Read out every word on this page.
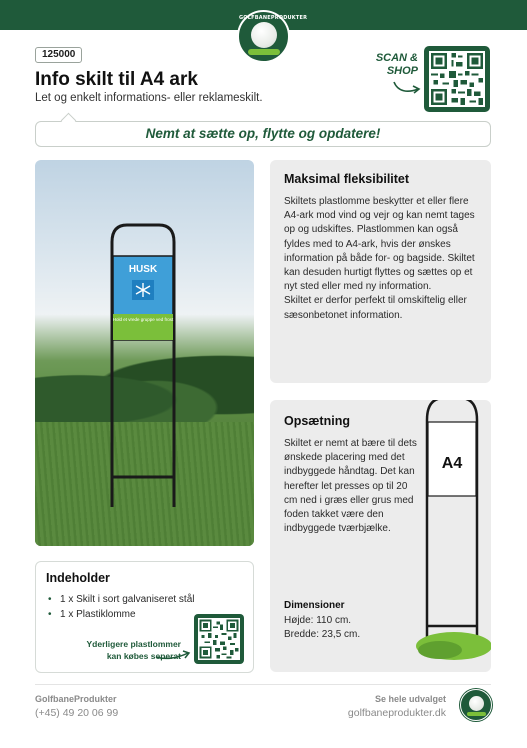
GOLFBANEPRODUKTER
125000
Info skilt til A4 ark
Let og enkelt informations- eller reklameskilt.
SCAN &
SHOP
Nemt at sætte op, flytte og opdatere!
HUSK
Hold et vrede gruppe ved frost
Maksimal fleksibilitet
Skiltets plastlomme beskytter et eller flere A4-ark mod vind og vejr og kan nemt tages op og udskiftes. Plastlommen kan også fyldes med to A4-ark, hvis der ønskes information på både for- og bagside. Skiltet kan desuden hurtigt flyttes og sættes op et nyt sted eller med ny information.
Skiltet er derfor perfekt til omskiftelig eller sæsonbetonet information.
Opsætning
Skiltet er nemt at bære til dets ønskede placering med det indbyggede håndtag. Det kan herefter let presses op til 20 cm ned i græs eller grus med foden takket være den indbyggede tværbjælke.
Dimensioner
Højde: 110 cm.
Bredde: 23,5 cm.
A4
Indeholder
• 1 x Skilt i sort galvaniseret stål
• 1 x Plastiklomme
Yderligere plastlommer
kan købes seperat
GolfbaneProdukter
(+45) 49 20 06 99
Se hele udvalget
golfbaneprodukter.dk
